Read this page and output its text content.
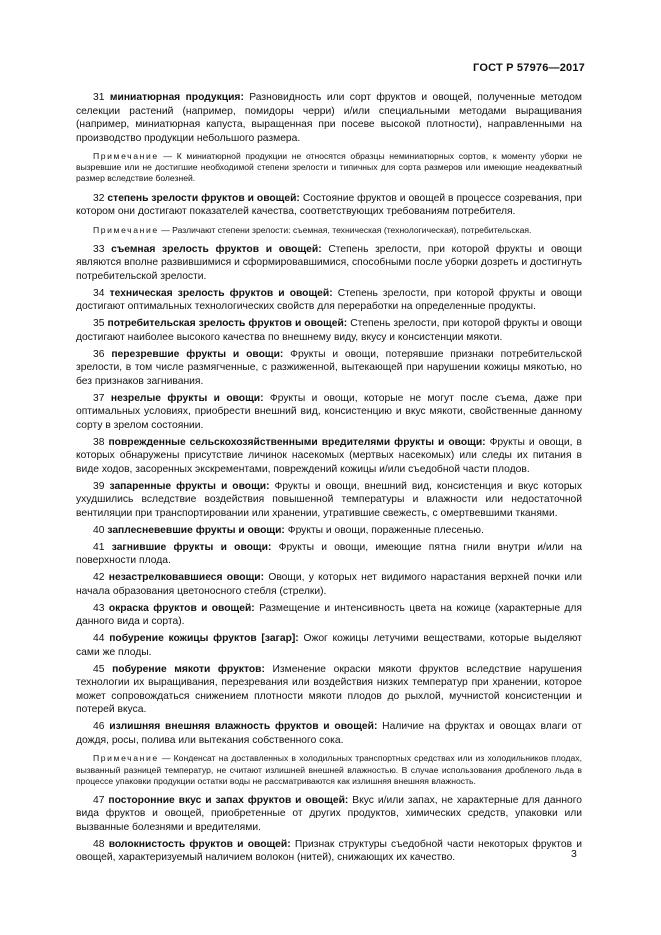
ГОСТ Р 57976—2017

31 миниатюрная продукция: Разновидность или сорт фруктов и овощей, полученные методом селекции растений (например, помидоры черри) и/или специальными методами выращивания (например, миниатюрная капуста, выращенная при посеве высокой плотности), направленными на производство продукции небольшого размера.

Примечание — К миниатюрной продукции не относятся образцы неминиатюрных сортов, к моменту уборки не вызревшие или не достигшие необходимой степени зрелости и типичных для сорта размеров или имеющие неадекватный размер вследствие болезней.

32 степень зрелости фруктов и овощей: Состояние фруктов и овощей в процессе созревания, при котором они достигают показателей качества, соответствующих требованиям потребителя.

Примечание — Различают степени зрелости: съемная, техническая (технологическая), потребительская.

33 съемная зрелость фруктов и овощей: Степень зрелости, при которой фрукты и овощи являются вполне развившимися и сформировавшимися, способными после уборки дозреть и достигнуть потребительской зрелости.

34 техническая зрелость фруктов и овощей: Степень зрелости, при которой фрукты и овощи достигают оптимальных технологических свойств для переработки на определенные продукты.

35 потребительская зрелость фруктов и овощей: Степень зрелости, при которой фрукты и овощи достигают наиболее высокого качества по внешнему виду, вкусу и консистенции мякоти.

36 перезревшие фрукты и овощи: Фрукты и овощи, потерявшие признаки потребительской зрелости, в том числе размягченные, с разжиженной, вытекающей при нарушении кожицы мякотью, но без признаков загнивания.

37 незрелые фрукты и овощи: Фрукты и овощи, которые не могут после съема, даже при оптимальных условиях, приобрести внешний вид, консистенцию и вкус мякоти, свойственные данному сорту в зрелом состоянии.

38 поврежденные сельскохозяйственными вредителями фрукты и овощи: Фрукты и овощи, в которых обнаружены присутствие личинок насекомых (мертвых насекомых) или следы их питания в виде ходов, засоренных экскрементами, повреждений кожицы и/или съедобной части плодов.

39 запаренные фрукты и овощи: Фрукты и овощи, внешний вид, консистенция и вкус которых ухудшились вследствие воздействия повышенной температуры и влажности или недостаточной вентиляции при транспортировании или хранении, утратившие свежесть, с омертвевшими тканями.

40 заплесневевшие фрукты и овощи: Фрукты и овощи, пораженные плесенью.

41 загнившие фрукты и овощи: Фрукты и овощи, имеющие пятна гнили внутри и/или на поверхности плода.

42 незастрелковавшиеся овощи: Овощи, у которых нет видимого нарастания верхней почки или начала образования цветоносного стебля (стрелки).

43 окраска фруктов и овощей: Размещение и интенсивность цвета на кожице (характерные для данного вида и сорта).

44 побурение кожицы фруктов [загар]: Ожог кожицы летучими веществами, которые выделяют сами же плоды.

45 побурение мякоти фруктов: Изменение окраски мякоти фруктов вследствие нарушения технологии их выращивания, перезревания или воздействия низких температур при хранении, которое может сопровождаться снижением плотности мякоти плодов до рыхлой, мучнистой консистенции и потерей вкуса.

46 излишняя внешняя влажность фруктов и овощей: Наличие на фруктах и овощах влаги от дождя, росы, полива или вытекания собственного сока.

Примечание — Конденсат на доставленных в холодильных транспортных средствах или из холодильников плодах, вызванный разницей температур, не считают излишней внешней влажностью. В случае использования дробленого льда в процессе упаковки продукции остатки воды не рассматриваются как излишняя внешняя влажность.

47 посторонние вкус и запах фруктов и овощей: Вкус и/или запах, не характерные для данного вида фруктов и овощей, приобретенные от других продуктов, химических средств, упаковки или вызванные болезнями и вредителями.

48 волокнистость фруктов и овощей: Признак структуры съедобной части некоторых фруктов и овощей, характеризуемый наличием волокон (нитей), снижающих их качество.	3
